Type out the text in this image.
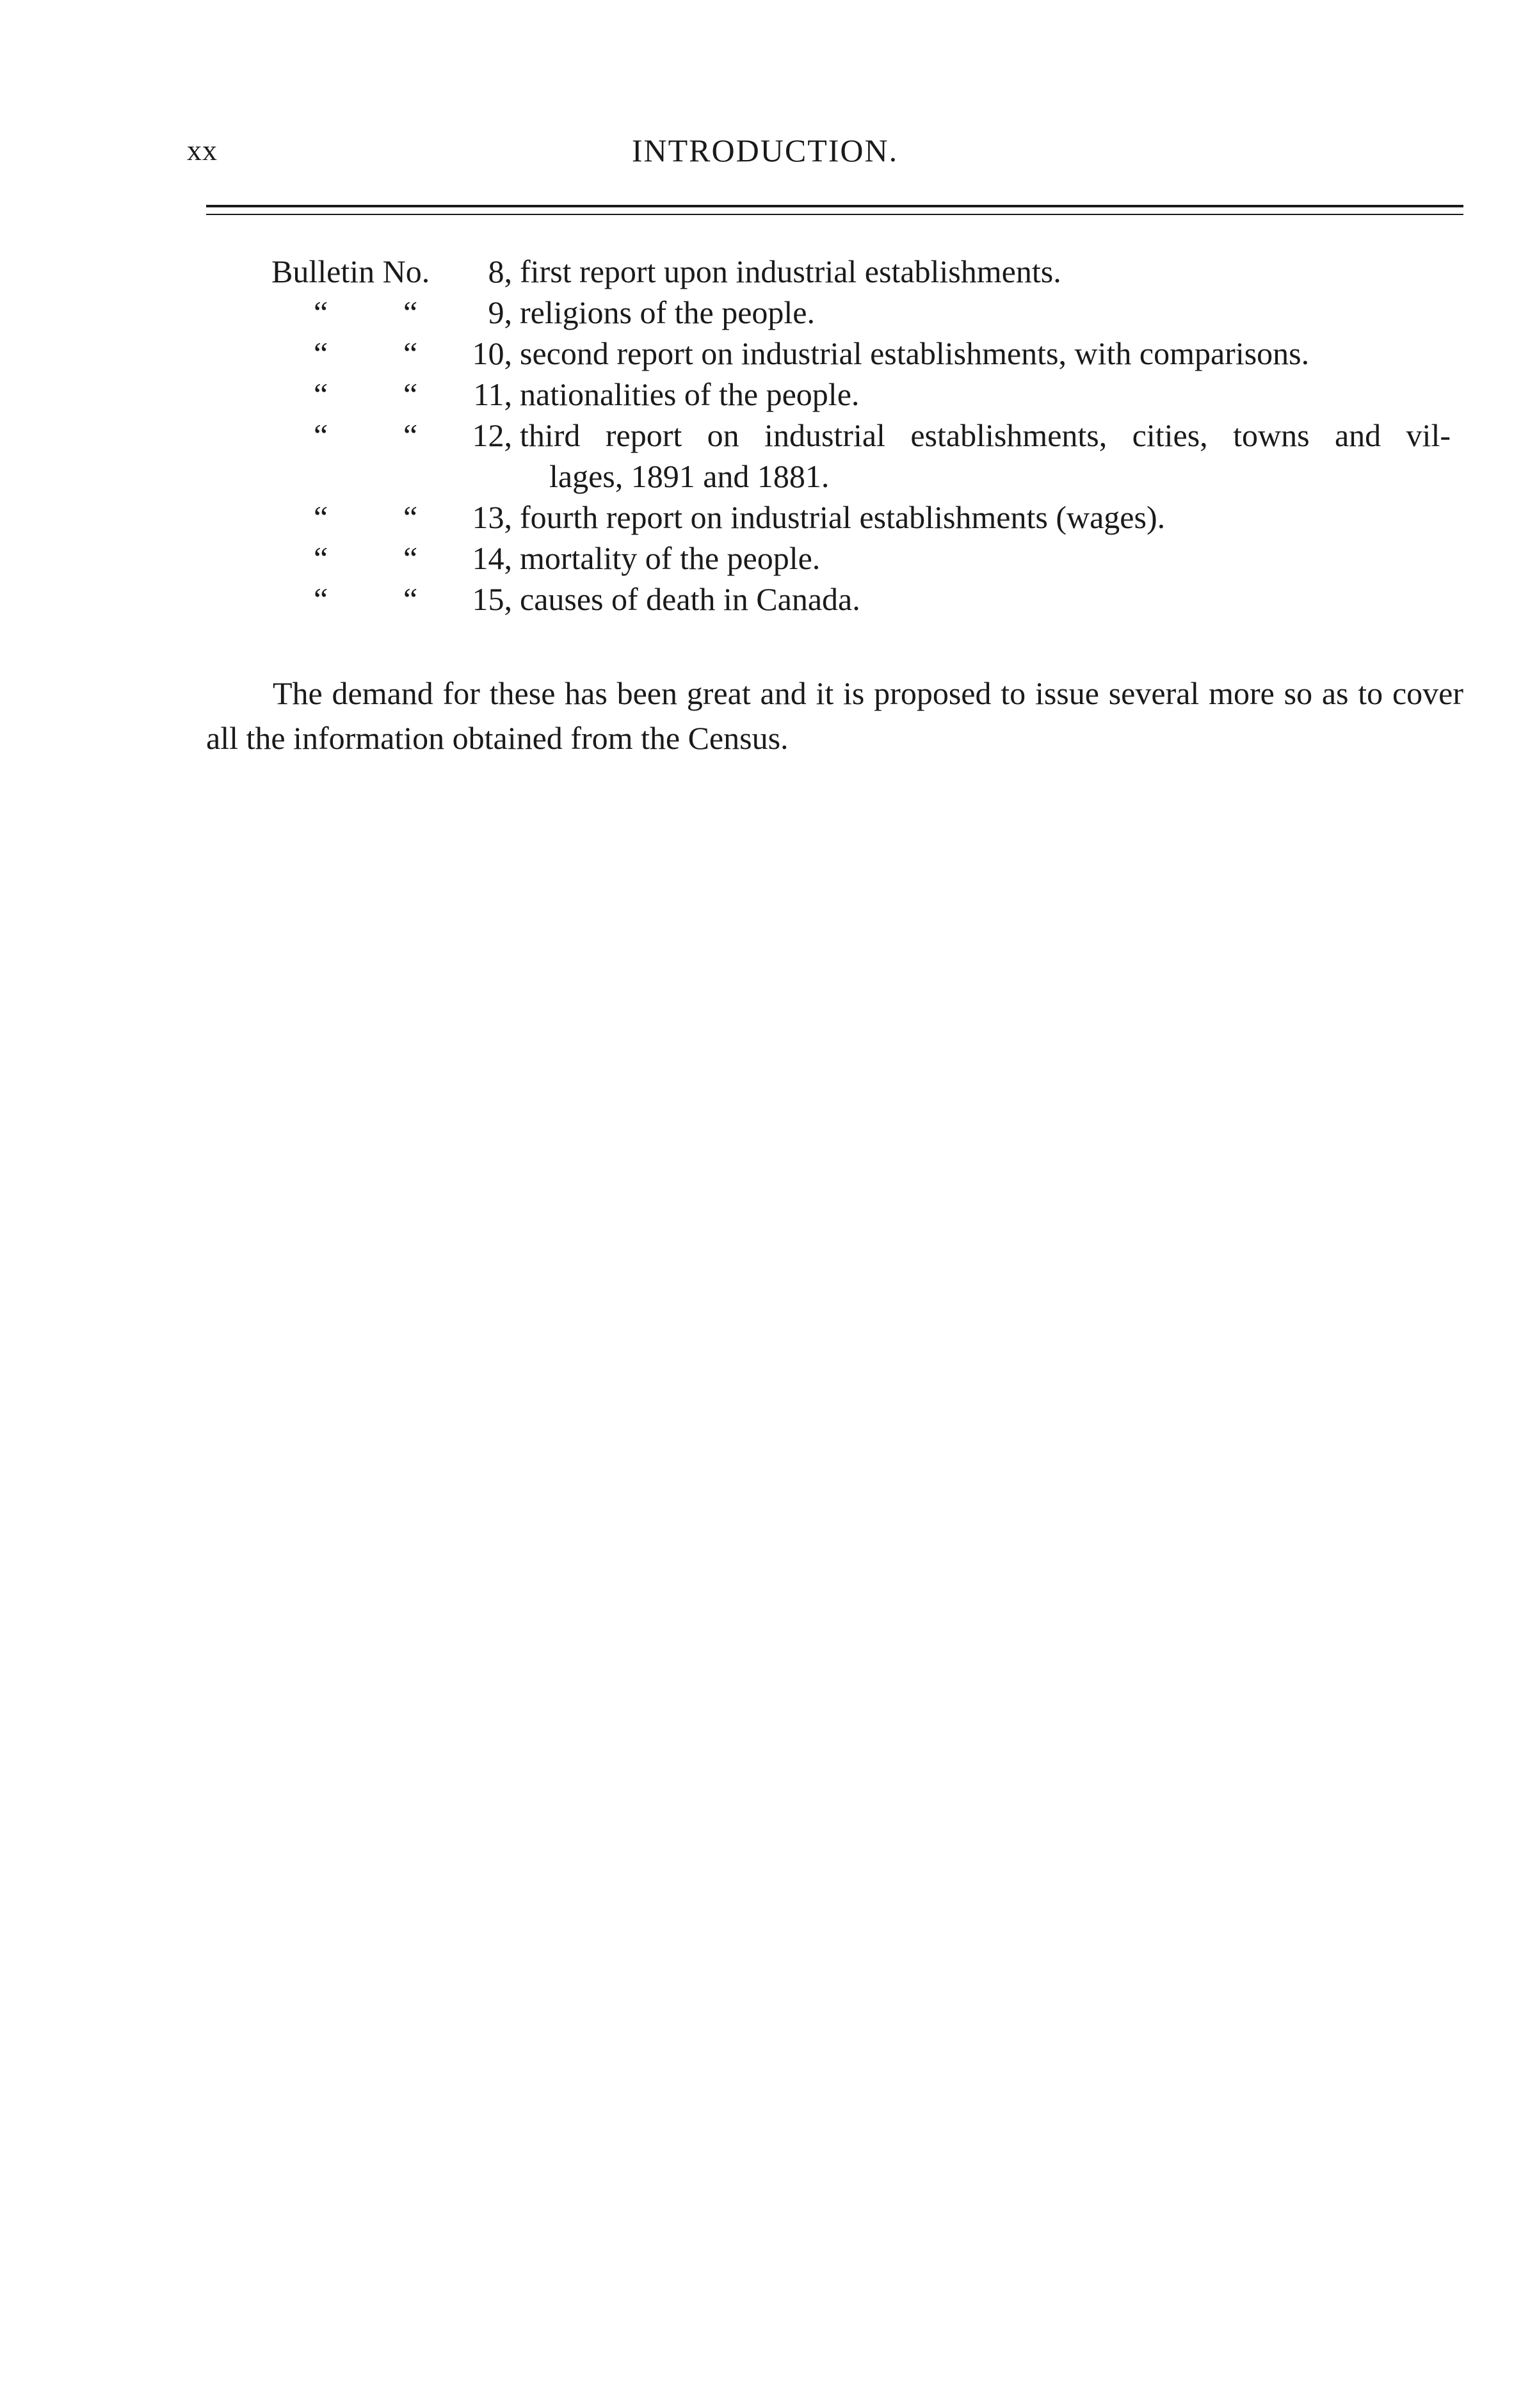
xx	INTRODUCTION.
Bulletin No.	8, first report upon industrial establishments.
“ “	9, religions of the people.
“ “	10, second report on industrial establishments, with comparisons.
“ “	11, nationalities of the people.
“ “	12, third report on industrial establishments, cities, towns and vil-
lages, 1891 and 1881.
“ “	13, fourth report on industrial establishments (wages).
“ “	14, mortality of the people.
“ “	15, causes of death in Canada.

The demand for these has been great and it is proposed to issue several more so as to cover all the information obtained from the Census.
